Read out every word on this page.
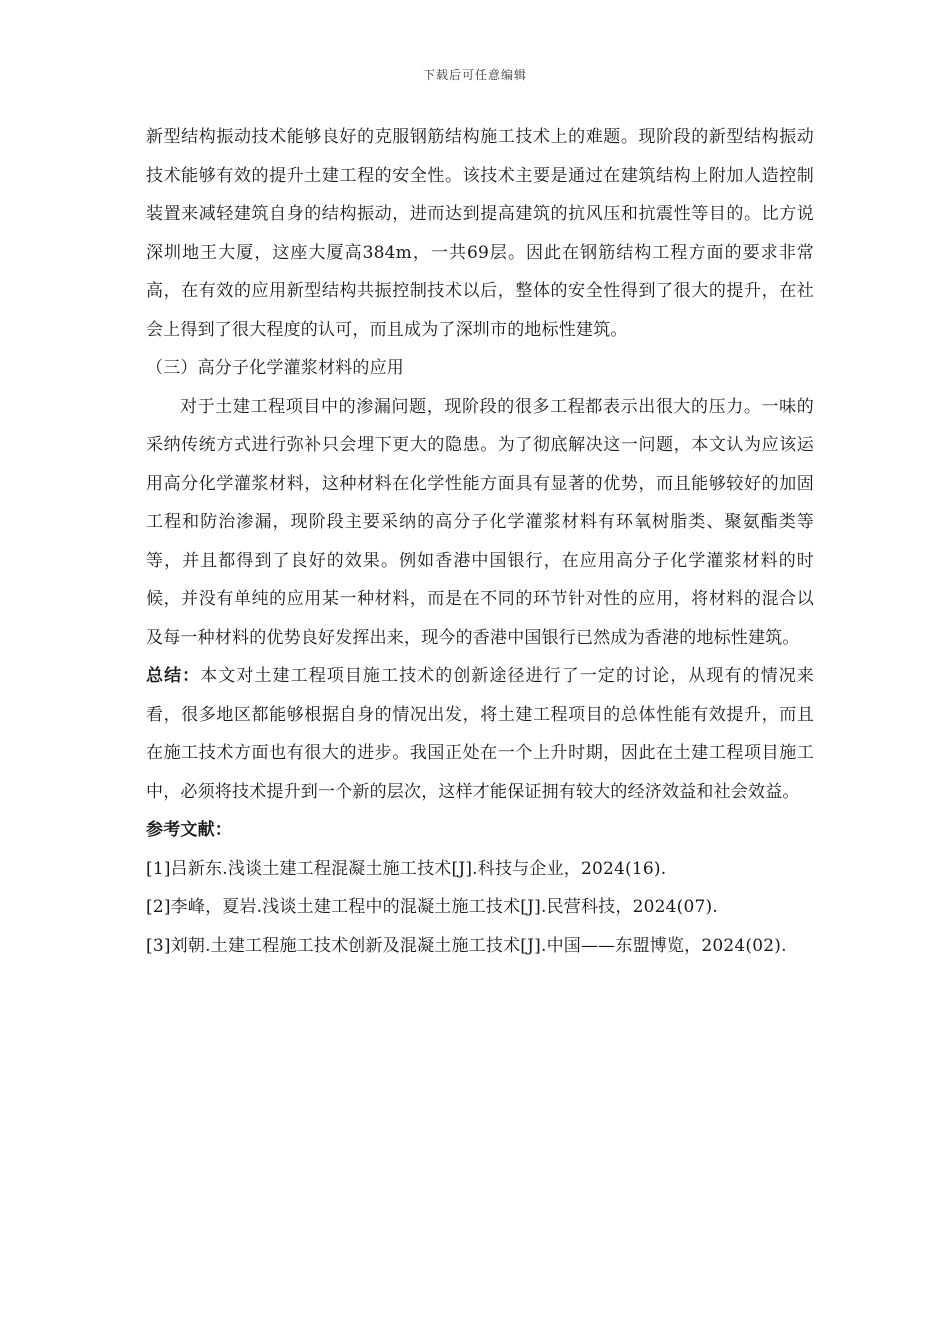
下载后可任意编辑

新型结构振动技术能够良好的克服钢筋结构施工技术上的难题。现阶段的新型结构振动技术能够有效的提升土建工程的安全性。该技术主要是通过在建筑结构上附加人造控制装置来减轻建筑自身的结构振动，进而达到提高建筑的抗风压和抗震性等目的。比方说深圳地王大厦，这座大厦高384m，一共69层。因此在钢筋结构工程方面的要求非常高，在有效的应用新型结构共振控制技术以后，整体的安全性得到了很大的提升，在社会上得到了很大程度的认可，而且成为了深圳市的地标性建筑。

（三）高分子化学灌浆材料的应用

对于土建工程项目中的渗漏问题，现阶段的很多工程都表示出很大的压力。一味的采纳传统方式进行弥补只会埋下更大的隐患。为了彻底解决这一问题，本文认为应该运用高分化学灌浆材料，这种材料在化学性能方面具有显著的优势，而且能够较好的加固工程和防治渗漏，现阶段主要采纳的高分子化学灌浆材料有环氧树脂类、聚氨酯类等等，并且都得到了良好的效果。例如香港中国银行，在应用高分子化学灌浆材料的时候，并没有单纯的应用某一种材料，而是在不同的环节针对性的应用，将材料的混合以及每一种材料的优势良好发挥出来，现今的香港中国银行已然成为香港的地标性建筑。

总结：本文对土建工程项目施工技术的创新途径进行了一定的讨论，从现有的情况来看，很多地区都能够根据自身的情况出发，将土建工程项目的总体性能有效提升，而且在施工技术方面也有很大的进步。我国正处在一个上升时期，因此在土建工程项目施工中，必须将技术提升到一个新的层次，这样才能保证拥有较大的经济效益和社会效益。

参考文献：

[1]吕新东.浅谈土建工程混凝土施工技术[J].科技与企业，2024(16).

[2]李峰，夏岩.浅谈土建工程中的混凝土施工技术[J].民营科技，2024(07).

[3]刘朝.土建工程施工技术创新及混凝土施工技术[J].中国——东盟博览，2024(02).
